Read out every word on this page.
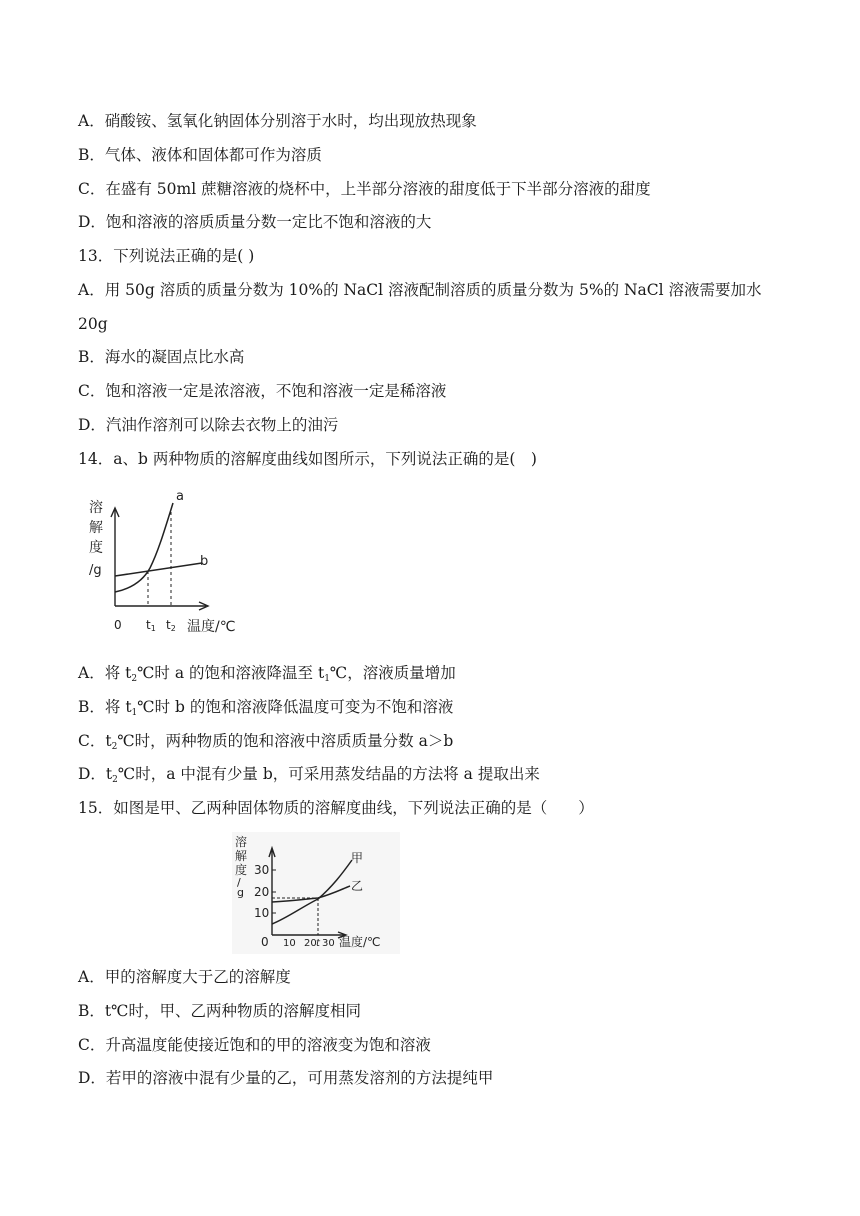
A．硝酸铵、氢氧化钠固体分别溶于水时，均出现放热现象
B．气体、液体和固体都可作为溶质
C．在盛有 50ml 蔗糖溶液的烧杯中，上半部分溶液的甜度低于下半部分溶液的甜度
D．饱和溶液的溶质质量分数一定比不饱和溶液的大
13．下列说法正确的是( )
A．用 50g 溶质的质量分数为 10%的 NaCl 溶液配制溶质的质量分数为 5%的 NaCl 溶液需要加水
20g
B．海水的凝固点比水高
C．饱和溶液一定是浓溶液，不饱和溶液一定是稀溶液
D．汽油作溶剂可以除去衣物上的油污
14．a、b 两种物质的溶解度曲线如图所示，下列说法正确的是(　)
溶
解
度
/g
a
b
0 t1 t2 温度/℃
A．将 $t_2℃$时 a 的饱和溶液降温至 $t_1℃$，溶液质量增加
B．将 $t_1℃$时 b 的饱和溶液降低温度可变为不饱和溶液
C．$t_2℃$时，两种物质的饱和溶液中溶质质量分数 a＞b
D．$t_2℃$时，a 中混有少量 b，可采用蒸发结晶的方法将 a 提取出来
15．如图是甲、乙两种固体物质的溶解度曲线，下列说法正确的是（　　）
溶
解
度
/
g
30
20
10
0 10 20 t 30 温度/℃
甲
乙
A．甲的溶解度大于乙的溶解度
B．t℃时，甲、乙两种物质的溶解度相同
C．升高温度能使接近饱和的甲的溶液变为饱和溶液
D．若甲的溶液中混有少量的乙，可用蒸发溶剂的方法提纯甲
